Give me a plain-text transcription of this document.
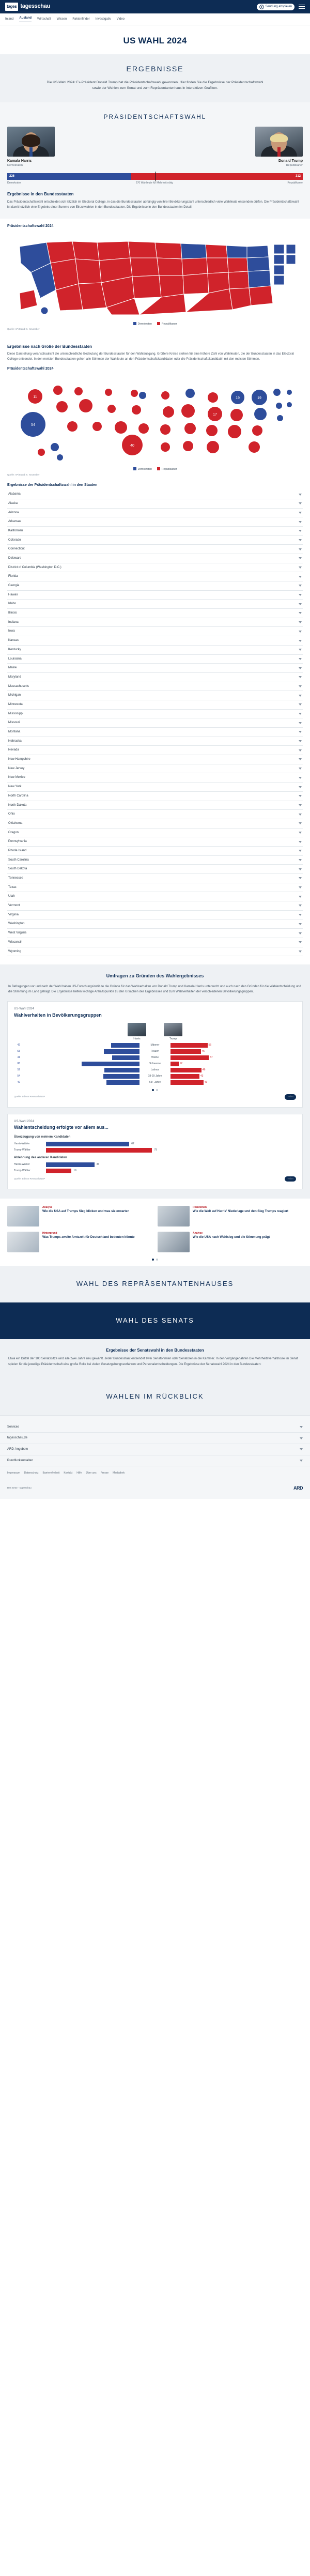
tages tagesschau	Sendung abspielen
Inland Ausland Wirtschaft Wissen Faktenfinder Investigativ Video
US WAHL 2024
ERGEBNISSE
Die US-Wahl 2024: Ex-Präsident Donald Trump hat die Präsidentschaftswahl gewonnen. Hier finden Sie die Ergebnisse der Präsidentschaftswahl sowie der Wahlen zum Senat und zum Repräsentantenhaus in interaktiven Grafiken.
PRÄSIDENTSCHAFTSWAHL
Kamala Harris
Demokraten
Donald Trump
Republikaner
226	312
Demokraten	270 Wahlleute für Mehrheit nötig	Republikaner
Ergebnisse in den Bundesstaaten
Das Präsidentschaftswahl entscheidet sich letztlich im Electoral College, in das die Bundesstaaten abhängig von ihrer Bevölkerungszahl unterschiedlich viele Wahlleute entsenden dürfen. Die Präsidentschaftswahl ist damit letztlich eine Ergebnis einer Summe von Einzelwahlen in den Bundesstaaten. Die Ergebnisse in den Bundesstaaten im Detail:
Präsidentschaftswahl 2024
Demokraten	Republikaner
Quelle: AP/Stand: 6. November
Ergebnisse nach Größe der Bundesstaaten
Diese Darstellung veranschaulicht die unterschiedliche Bedeutung der Bundesstaaten für den Wahlausgang. Größere Kreise stehen für eine höhere Zahl von Wahlleuten, die der Bundesstaaten in das Electoral College entsendet. In den meisten Bundesstaaten gehen alle Stimmen der Wahlleute an den Präsidentschaftskandidaten oder die Präsidentschaftskandidatin mit den meisten Stimmen.
Präsidentschaftswahl 2024
54
40
19
19
17
11
Demokraten	Republikaner
Quelle: AP/Stand: 6. November
Ergebnisse der Präsidentschaftswahl in den Staaten
Alabama
Alaska
Arizona
Arkansas
Kalifornien
Colorado
Connecticut
Delaware
District of Columbia (Washington D.C.)
Florida
Georgia
Hawaii
Idaho
Illinois
Indiana
Iowa
Kansas
Kentucky
Louisiana
Maine
Maryland
Massachusetts
Michigan
Minnesota
Mississippi
Missouri
Montana
Nebraska
Nevada
New Hampshire
New Jersey
New Mexico
New York
North Carolina
North Dakota
Ohio
Oklahoma
Oregon
Pennsylvania
Rhode Island
South Carolina
South Dakota
Tennessee
Texas
Utah
Vermont
Virginia
Washington
West Virginia
Wisconsin
Wyoming
Umfragen zu Gründen des Wahlergebnisses
In Befragungen vor und nach der Wahl haben US-Forschungsinstitute die Gründe für das Wahlverhalten von Donald Trump und Kamala Harris untersucht und auch nach den Gründen für die Wahlentscheidung und die Stimmung im Land gefragt. Die Ergebnisse helfen wichtige Anhaltspunkte zu den Ursachen des Ergebnisses und zum Wahlverhalten der verschiedenen Bevölkerungsgruppen.
US-Wahl 2024
Wahlverhalten in Bevölkerungsgruppen
Harris	Trump
42	Männer	55
53	Frauen	45
41	Weiße	57
86	Schwarze	12
52	Latinos	46
54	18-29 Jahre	43
49	65+ Jahre	49
Quelle: Edison Research/NEP	Teilen
US-Wahl 2024
Wahlentscheidung erfolgte vor allem aus...
Überzeugung von meinem Kandidaten
Harris-Wähler	62
Trump-Wähler	79
Ablehnung des anderen Kandidaten
Harris-Wähler	36
Trump-Wähler	19
Quelle: Edison Research/NEP	Teilen
Analyse
Wie die USA auf Trumps Sieg blicken und was sie erwarten
Reaktionen
Wie die Welt auf Harris' Niederlage und den Sieg Trumps reagiert
Hintergrund
Was Trumps zweite Amtszeit für Deutschland bedeuten könnte
Analyse
Wie die USA nach Wahlsieg und die Stimmung prägt
WAHL DES REPRÄSENTANTENHAUSES
WAHL DES SENATS
Ergebnisse der Senatswahl in den Bundesstaaten
Etwa ein Drittel der 100 Senatssitze wird alle zwei Jahre neu gewählt. Jeder Bundesstaat entsendet zwei Senatorinnen oder Senatoren in die Kammer. In den Vorgängerjahren Die Mehrheitsverhältnisse im Senat spielen für die jeweilige Präsidentschaft eine große Rolle bei vielen Gesetzgebungsverfahren und Personalentscheidungen. Die Ergebnisse der Senatswahl 2024 in den Bundesstaaten:
WAHLEN IM RÜCKBLICK
Services
tagesschau.de
ARD-Angebote
Rundfunkanstalten
Impressum Datenschutz Barrierefreiheit Kontakt Hilfe Über uns Presse Mediathek
Das Erste · tagesschau	ARD
